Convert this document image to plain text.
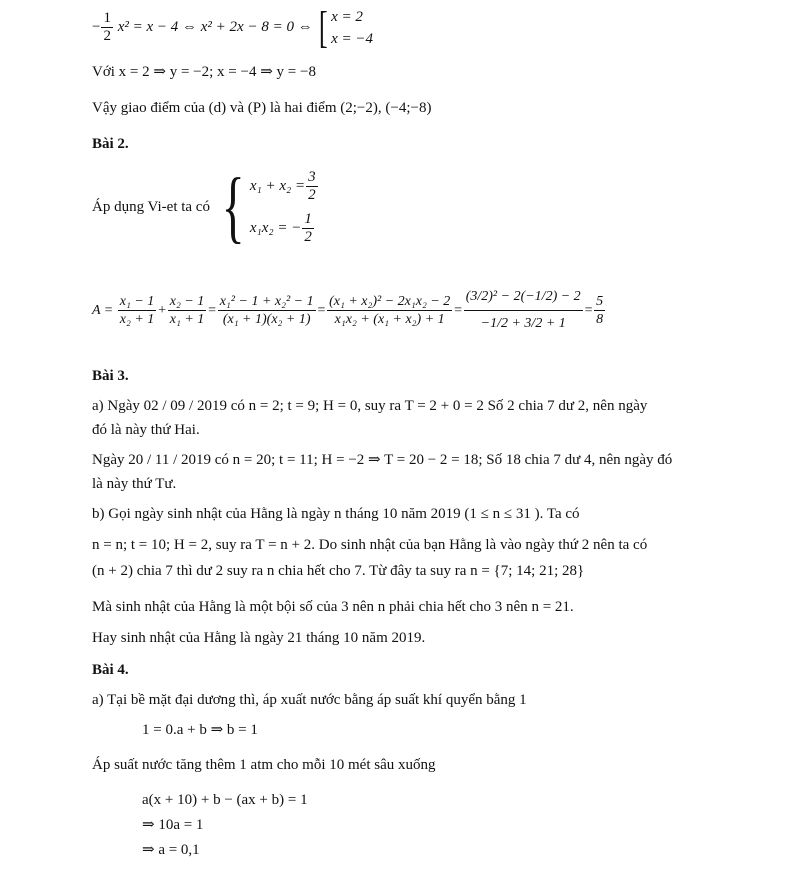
− $\frac{1}{2} x^2 = x - 4$ ⇔ x² + 2x − 8 = 0 ⇔ [ x = 2
x = −4
Với x = 2 ⇒ y = −2; x = −4 ⇒ y = −8
Vậy giao điểm của (d) và (P) là hai điểm (2;−2), (−4;−8)
Bài 2.
Áp dụng Vi-et ta có { $x_1 + x_2 = \frac{3}{2}$
x₁x₂ = − $\frac{1}{2}$
$A = \frac{\text{x₁ − 1}}{\text{x₂ + 1}} + \frac{\text{x₂ − 1}}{\text{x₁ + 1}} = \frac{\text{x₁² − 1 + x₂² − 1}}{\text{(x₁ + 1)(x₂ + 1)}} = \frac{\text{(x₁ + x₂)² − 2x₁x₂ − 2}}{\text{x₁x₂ + (x₁ + x₂) + 1}} = \frac{\text{(3/2)² − 2(−1/2) − 2}}{-1/2 + 3/2 + 1} = \frac{5}{8}$
Bài 3.
a) Ngày 02 / 09 / 2019 có n = 2; t = 9; H = 0, suy ra T = 2 + 0 = 2 Số 2 chia 7 dư 2, nên ngày
đó là này thứ Hai.
Ngày 20 / 11 / 2019 có n = 20; t = 11; H = −2 ⇒ T = 20 − 2 = 18; Số 18 chia 7 dư 4, nên ngày đó
là này thứ Tư.
b) Gọi ngày sinh nhật của Hằng là ngày n tháng 10 năm 2019 (1 ≤ n ≤ 31 ). Ta có
n = n; t = 10; H = 2, suy ra T = n + 2. Do sinh nhật của bạn Hằng là vào ngày thứ 2 nên ta có
(n + 2) chia 7 thì dư 2 suy ra n chia hết cho 7. Từ đây ta suy ra n = {7; 14; 21; 28}
Mà sinh nhật của Hằng là một bội số của 3 nên n phải chia hết cho 3 nên n = 21.
Hay sinh nhật của Hằng là ngày 21 tháng 10 năm 2019.
Bài 4.
a) Tại bề mặt đại dương thì, áp xuất nước bằng áp suất khí quyển bằng 1
1 = 0.a + b ⇒ b = 1
Áp suất nước tăng thêm 1 atm cho mỗi 10 mét sâu xuống
a(x + 10) + b − (ax + b) = 1
⇒ 10a = 1
⇒ a = 0,1
